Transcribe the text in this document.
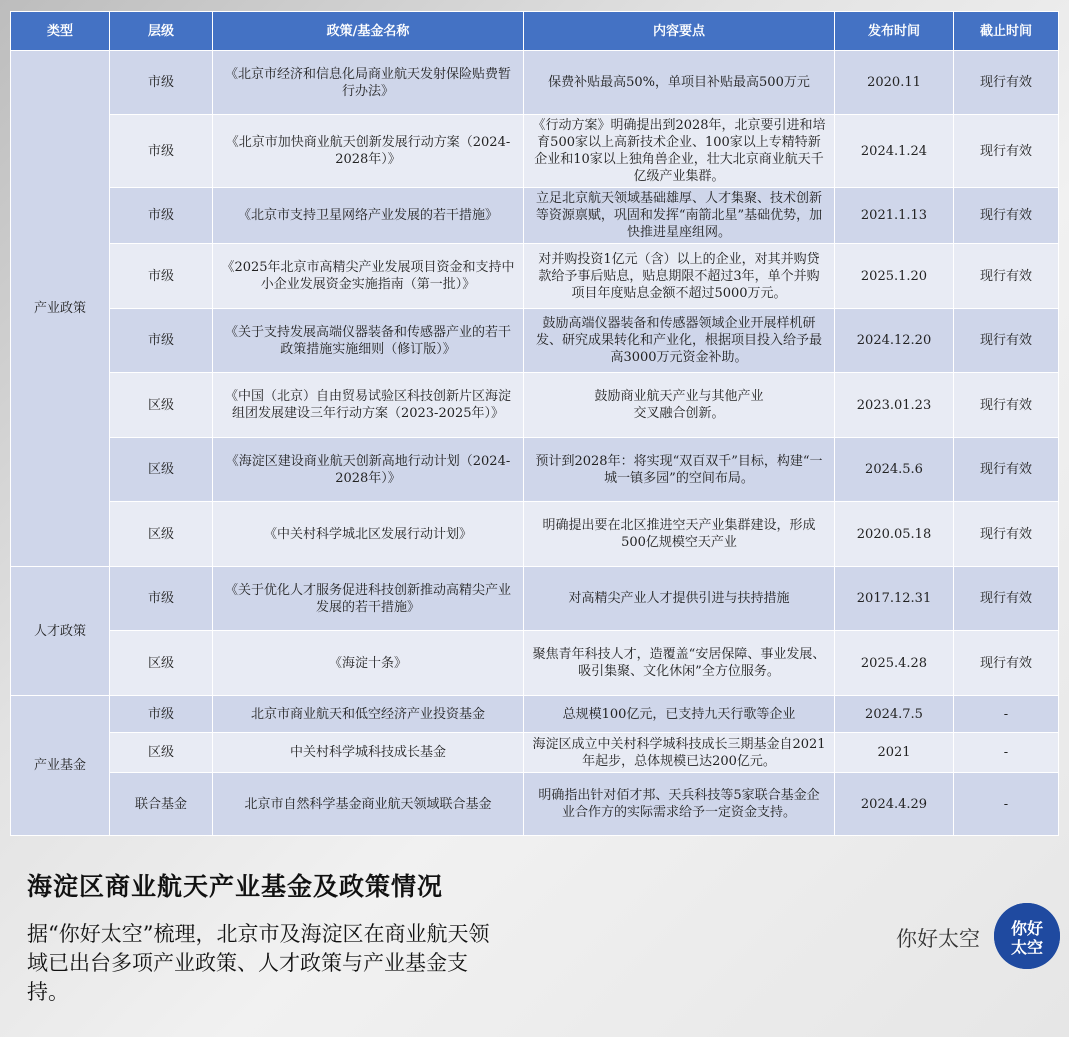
类型	层级	政策/基金名称	内容要点	发布时间	截止时间
产业政策	市级	《北京市经济和信息化局商业航天发射保险贴费暂行办法》	保费补贴最高50%，单项目补贴最高500万元	2020.11	现行有效
	市级	《北京市加快商业航天创新发展行动方案（2024-2028年）》	《行动方案》明确提出到2028年，北京要引进和培育500家以上高新技术企业、100家以上专精特新企业和10家以上独角兽企业，壮大北京商业航天千亿级产业集群。	2024.1.24	现行有效
	市级	《北京市支持卫星网络产业发展的若干措施》	立足北京航天领域基础雄厚、人才集聚、技术创新等资源禀赋，巩固和发挥“南箭北星”基础优势，加快推进星座组网。	2021.1.13	现行有效
	市级	《2025年北京市高精尖产业发展项目资金和支持中小企业发展资金实施指南（第一批）》	对并购投资1亿元（含）以上的企业，对其并购贷款给予事后贴息，贴息期限不超过3年，单个并购项目年度贴息金额不超过5000万元。	2025.1.20	现行有效
	市级	《关于支持发展高端仪器装备和传感器产业的若干政策措施实施细则（修订版）》	鼓励高端仪器装备和传感器领域企业开展样机研发、研究成果转化和产业化，根据项目投入给予最高3000万元资金补助。	2024.12.20	现行有效
	区级	《中国（北京）自由贸易试验区科技创新片区海淀组团发展建设三年行动方案（2023-2025年）》	鼓励商业航天产业与其他产业交叉融合创新。	2023.01.23	现行有效
	区级	《海淀区建设商业航天创新高地行动计划（2024-2028年）》	预计到2028年：将实现“双百双千”目标，构建“一城一镇多园”的空间布局。	2024.5.6	现行有效
	区级	《中关村科学城北区发展行动计划》	明确提出要在北区推进空天产业集群建设，形成500亿规模空天产业	2020.05.18	现行有效
人才政策	市级	《关于优化人才服务促进科技创新推动高精尖产业发展的若干措施》	对高精尖产业人才提供引进与扶持措施	2017.12.31	现行有效
	区级	《海淀十条》	聚焦青年科技人才，造覆盖“安居保障、事业发展、吸引集聚、文化休闲”全方位服务。	2025.4.28	现行有效
产业基金	市级	北京市商业航天和低空经济产业投资基金	总规模100亿元，已支持九天行歌等企业	2024.7.5	-
	区级	中关村科学城科技成长基金	海淀区成立中关村科学城科技成长三期基金自2021年起步，总体规模已达200亿元。	2021	-
	联合基金	北京市自然科学基金商业航天领域联合基金	明确指出针对佰才邦、天兵科技等5家联合基金企业合作方的实际需求给予一定资金支持。	2024.4.29	-
海淀区商业航天产业基金及政策情况
据“你好太空”梳理，北京市及海淀区在商业航天领域已出台多项产业政策、人才政策与产业基金支持。
你好太空 你好
太空
